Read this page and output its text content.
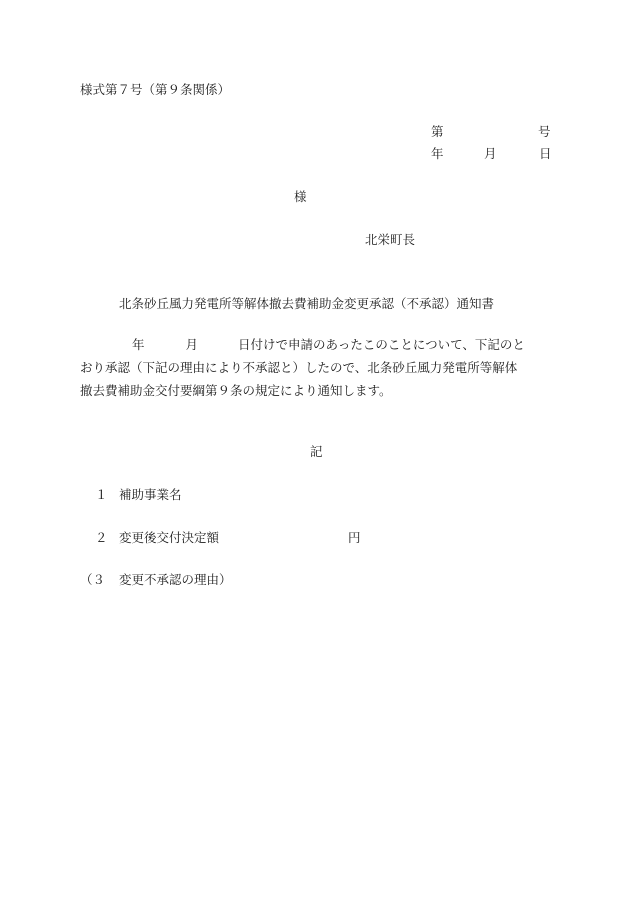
様式第７号（第９条関係）
第	号
年	月	日
様
北栄町長
北条砂丘風力発電所等解体撤去費補助金変更承認（不承認）通知書
年	月	日付けで申請のあったこのことについて、下記のと
おり承認（下記の理由により不承認と）したので、北条砂丘風力発電所等解体
撤去費補助金交付要綱第９条の規定により通知します。
記
１ 補助事業名
２ 変更後交付決定額	円
（３ 変更不承認の理由）
